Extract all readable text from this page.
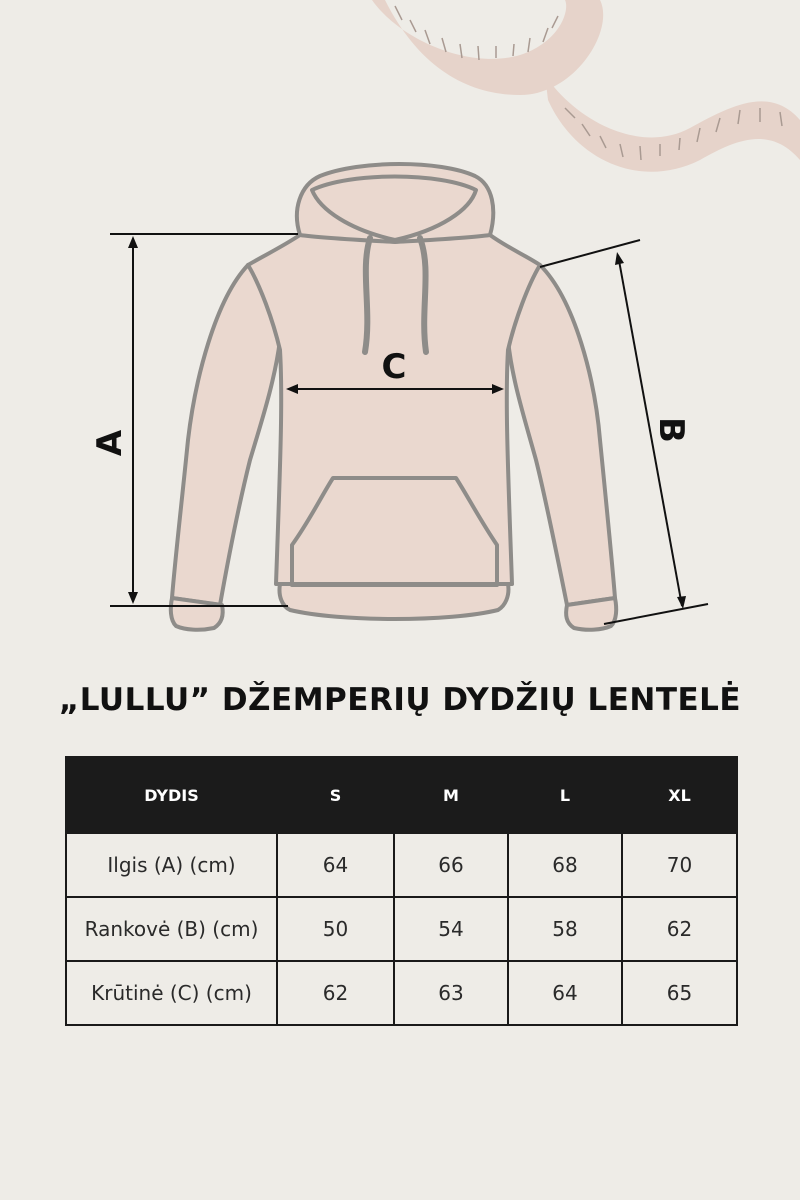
A	B
C
„LULLU” DŽEMPERIŲ DYDŽIŲ LENTELĖ
DYDIS	S	M	L	XL
Ilgis (A) (cm)	64	66	68	70
Rankovė (B) (cm)	50	54	58	62
Krūtinė (C) (cm)	62	63	64	65
